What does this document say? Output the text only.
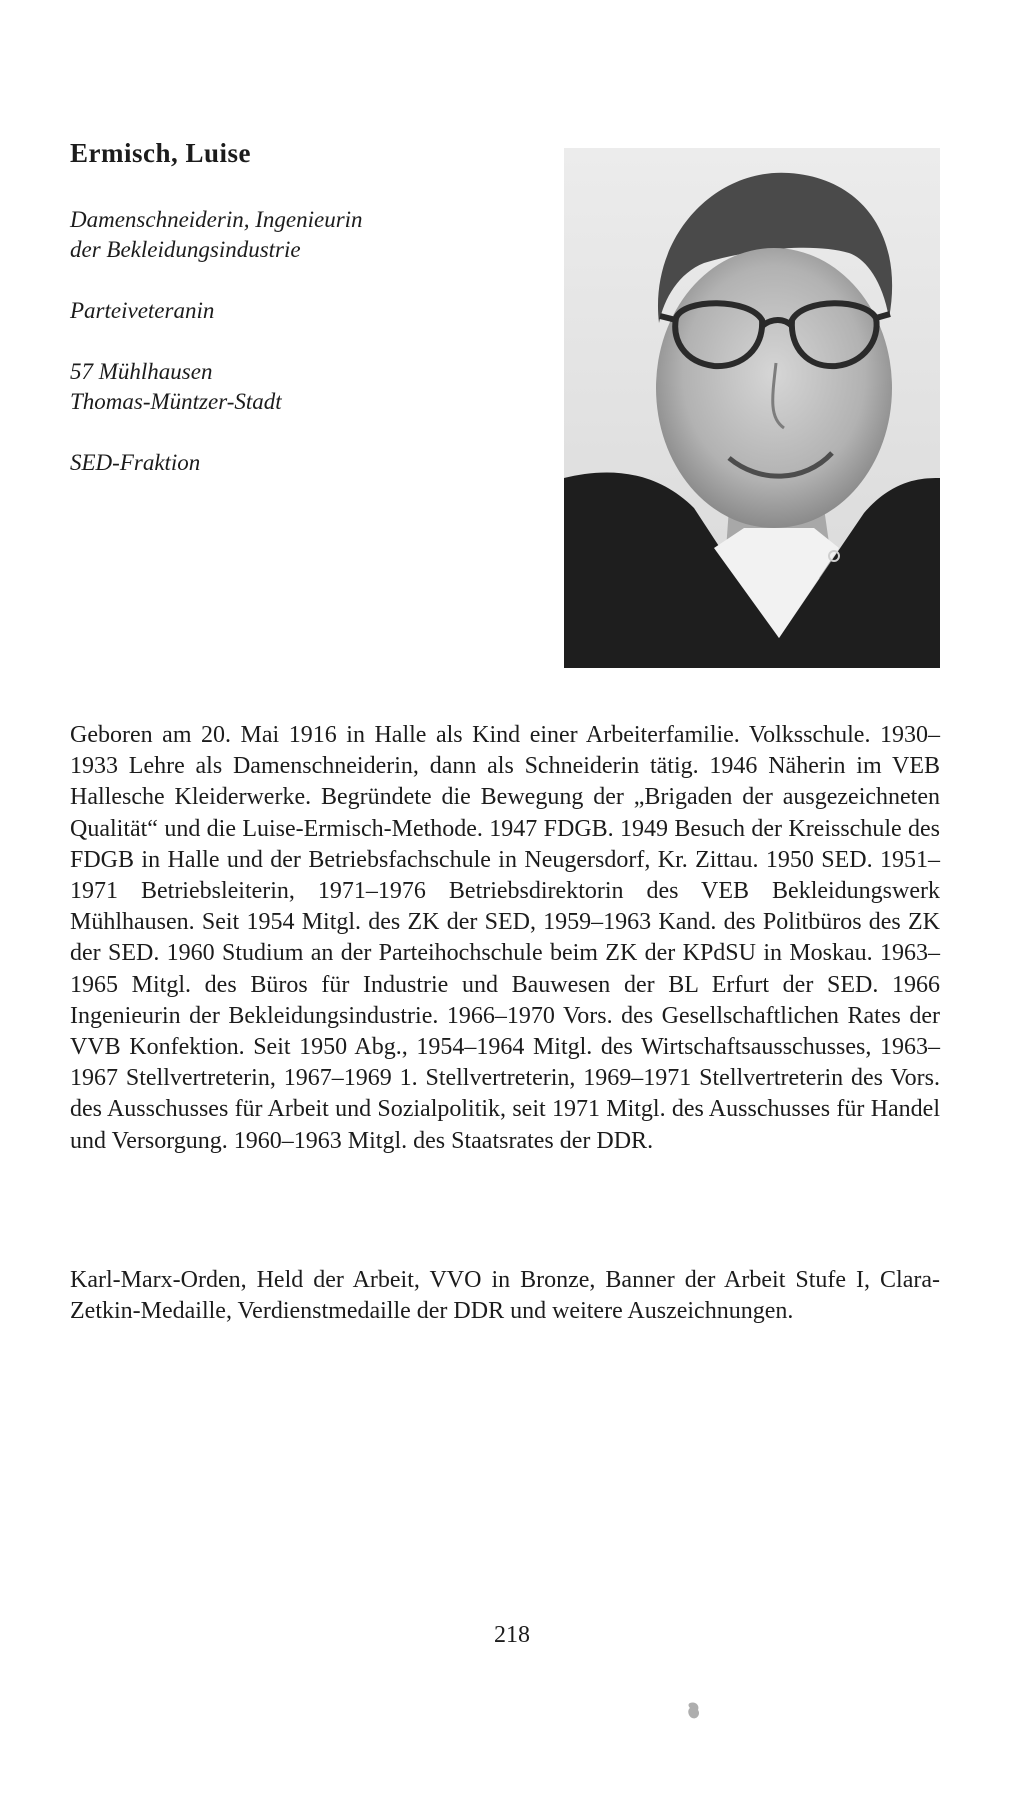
Ermisch, Luise

Damenschneiderin, Ingenieurin
der Bekleidungsindustrie

Parteiveteranin

57 Mühlhausen
Thomas-Müntzer-Stadt

SED-Fraktion

Geboren am 20. Mai 1916 in Halle als Kind einer Arbeiterfamilie. Volksschule. 1930–1933 Lehre als Damenschneiderin, dann als Schneiderin tätig. 1946 Näherin im VEB Hallesche Kleiderwerke. Begründete die Bewegung der „Brigaden der ausgezeichneten Qualität“ und die Luise-Ermisch-Methode. 1947 FDGB. 1949 Besuch der Kreisschule des FDGB in Halle und der Betriebsfachschule in Neugersdorf, Kr. Zittau. 1950 SED. 1951–1971 Betriebsleiterin, 1971–1976 Betriebsdirektorin des VEB Bekleidungswerk Mühlhausen. Seit 1954 Mitgl. des ZK der SED, 1959–1963 Kand. des Politbüros des ZK der SED. 1960 Studium an der Parteihochschule beim ZK der KPdSU in Moskau. 1963–1965 Mitgl. des Büros für Industrie und Bauwesen der BL Erfurt der SED. 1966 Ingenieurin der Bekleidungsindustrie. 1966–1970 Vors. des Gesellschaftlichen Rates der VVB Konfektion. Seit 1950 Abg., 1954–1964 Mitgl. des Wirtschaftsausschusses, 1963–1967 Stellvertreterin, 1967–1969 1. Stellvertreterin, 1969–1971 Stellvertreterin des Vors. des Ausschusses für Arbeit und Sozialpolitik, seit 1971 Mitgl. des Ausschusses für Handel und Versorgung. 1960–1963 Mitgl. des Staatsrates der DDR.

Karl-Marx-Orden, Held der Arbeit, VVO in Bronze, Banner der Arbeit Stufe I, Clara-Zetkin-Medaille, Verdienstmedaille der DDR und weitere Auszeichnungen.

218
